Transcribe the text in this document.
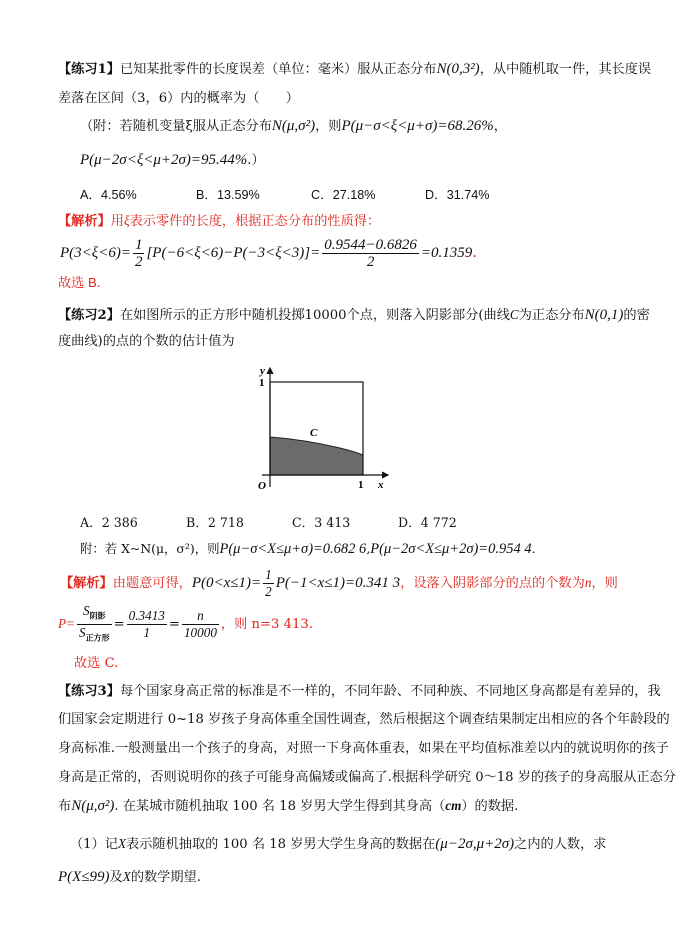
【练习1】已知某批零件的长度误差（单位：毫米）服从正态分布N(0,3²)，从中随机取一件，其长度误
差落在区间（3，6）内的概率为（　　）
（附：若随机变量ξ服从正态分布N(μ,σ²)，则P(μ−σ<ξ<μ+σ)=68.26%，
P(μ−2σ<ξ<μ+2σ)=95.44%.）
A．4.56%	B．13.59%	C．27.18%	D．31.74%
【解析】用ξ表示零件的长度，根据正态分布的性质得：
$P(3<\xi<6)= \frac{1}{2} [P(-6<\xi<6)-P(-3<\xi<3)]= \frac{0.9544-0.6826}{2} =0.1359$.
故选 B.
【练习2】在如图所示的正方形中随机投掷10000个点，则落入阴影部分(曲线C为正态分布N(0,1)的密
度曲线)的点的个数的估计值为
y
1
C
O	1 x
A．2 386	B．2 718	C．3 413	D．4 772
附：若 X~N(μ，σ²)，则P(μ−σ<X≤μ+σ)=0.682 6,P(μ−2σ<X≤μ+2σ)=0.954 4.
【解析】由题意可得，$P(0<x\le 1)= \frac{1}{2} P(-1<x\le 1)=0.341$ 3，设落入阴影部分的点的个数为n，则
$P= \frac{S_{阴影}}{S_{正方形}} = \frac{0.3413}{1} = \frac{n}{10000}$ ，则 n=3 413.
故选 C.
【练习3】每个国家身高正常的标准是不一样的，不同年龄、不同种族、不同地区身高都是有差异的，我
们国家会定期进行 0~18 岁孩子身高体重全国性调查，然后根据这个调查结果制定出相应的各个年龄段的
身高标准.一般测量出一个孩子的身高，对照一下身高体重表，如果在平均值标准差以内的就说明你的孩子
身高是正常的，否则说明你的孩子可能身高偏矮或偏高了.根据科学研究 0～18 岁的孩子的身高服从正态分
布N(μ,σ²). 在某城市随机抽取 100 名 18 岁男大学生得到其身高（cm）的数据.
（1）记X表示随机抽取的 100 名 18 岁男大学生身高的数据在(μ−2σ,μ+2σ)之内的人数，求
P(X≤99)及X的数学期望.
